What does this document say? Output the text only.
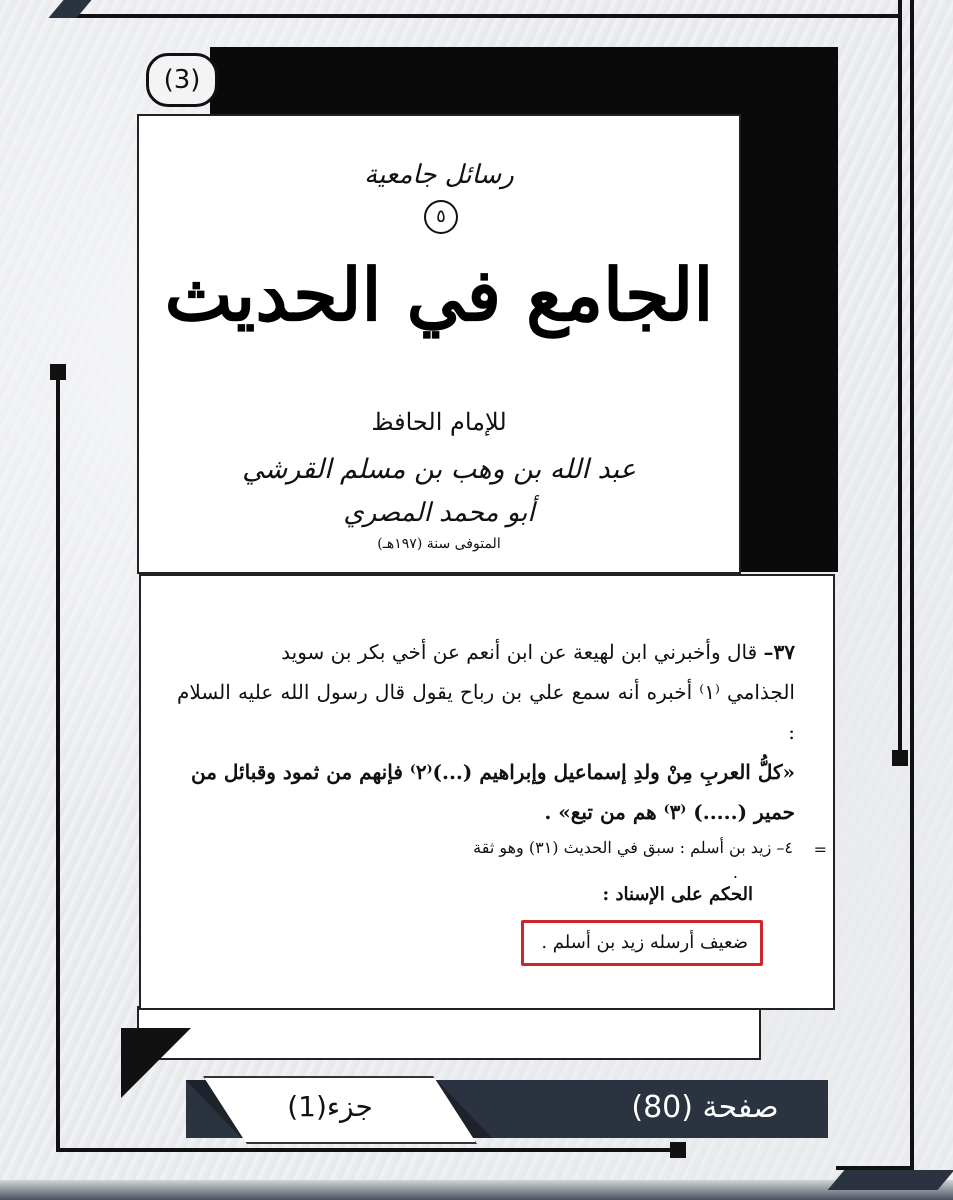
(3)
رسائل جامعية
٥
الجامع في الحديث
للإمام الحافظ
عبد الله بن وهب بن مسلم القرشي
أبو محمد المصري
المتوفى سنة (١٩٧هـ)
٣٧– قال وأخبرني ابن لهيعة عن ابن أنعم عن أخي بكر بن سويد
الجذامي ⁽١⁾ أخبره أنه سمع علي بن رباح يقول قال رسول الله عليه السلام :
«كلُّ العربِ مِنْ ولدِ إسماعيل وإبراهيم (...)⁽٢⁾ فإنهم من ثمود وقبائل من
حمير (.....) ⁽٣⁾ هم من تبع» .
=
٤– زيد بن أسلم : سبق في الحديث (٣١) وهو ثقة
.
الحكم على الإسناد :
ضعيف أرسله زيد بن أسلم .
جزء(1)	صفحة (80)
